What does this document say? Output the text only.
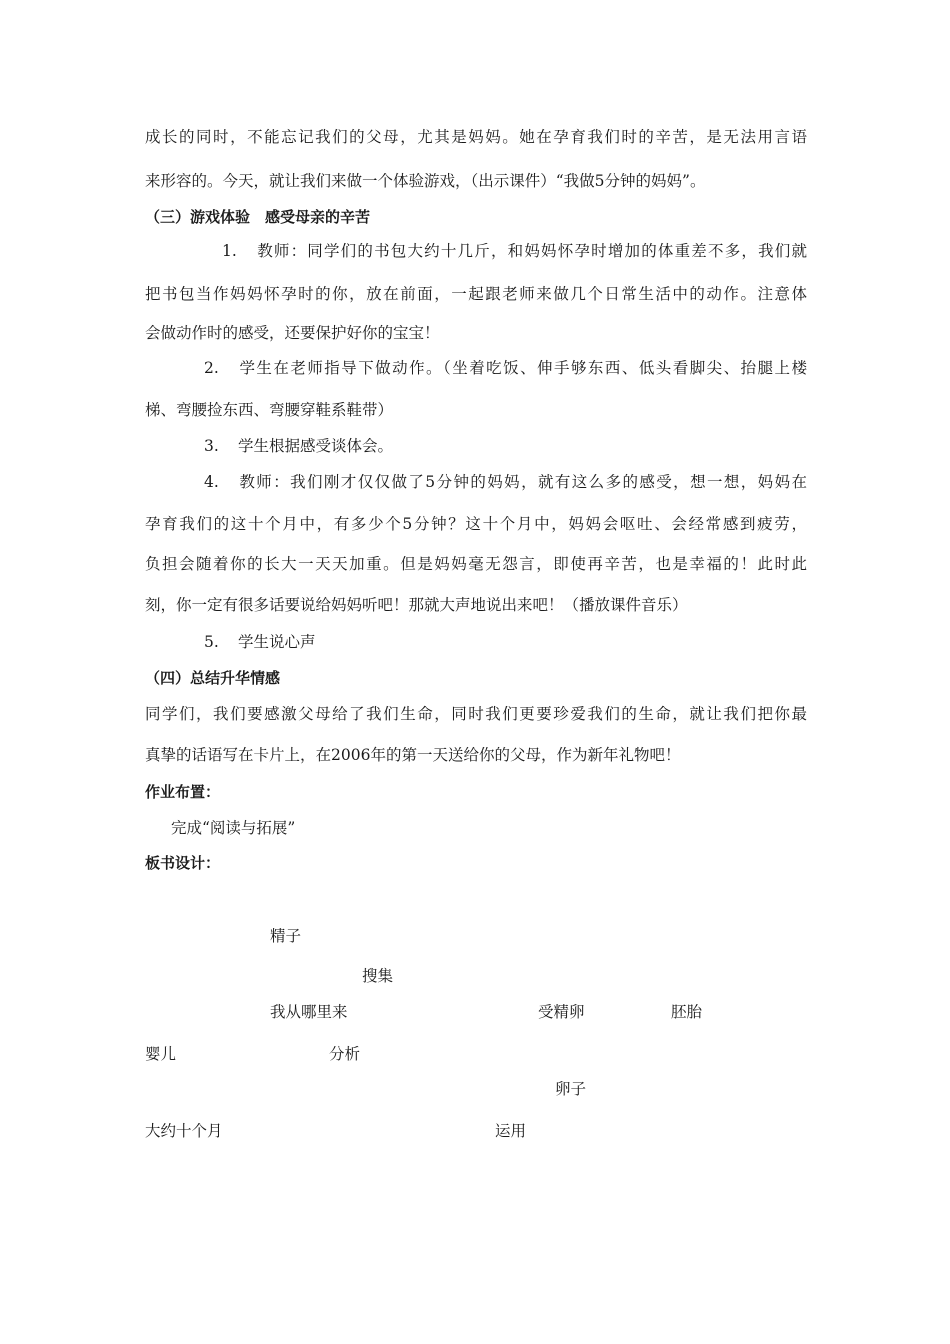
成长的同时，不能忘记我们的父母，尤其是妈妈。她在孕育我们时的辛苦，是无法用言语
来形容的。今天，就让我们来做一个体验游戏，（出示课件）“我做5分钟的妈妈”。
（三）游戏体验　感受母亲的辛苦
1. 教师：同学们的书包大约十几斤，和妈妈怀孕时增加的体重差不多，我们就
把书包当作妈妈怀孕时的你，放在前面，一起跟老师来做几个日常生活中的动作。注意体
会做动作时的感受，还要保护好你的宝宝！
2. 学生在老师指导下做动作。（坐着吃饭、伸手够东西、低头看脚尖、抬腿上楼
梯、弯腰捡东西、弯腰穿鞋系鞋带）
3. 学生根据感受谈体会。
4. 教师：我们刚才仅仅做了5分钟的妈妈，就有这么多的感受，想一想，妈妈在
孕育我们的这十个月中，有多少个5分钟？这十个月中，妈妈会呕吐、会经常感到疲劳，
负担会随着你的长大一天天加重。但是妈妈毫无怨言，即使再辛苦，也是幸福的！此时此
刻，你一定有很多话要说给妈妈听吧！那就大声地说出来吧！（播放课件音乐）
5. 学生说心声
（四）总结升华情感
同学们，我们要感激父母给了我们生命，同时我们更要珍爱我们的生命，就让我们把你最
真挚的话语写在卡片上，在2006年的第一天送给你的父母，作为新年礼物吧！
作业布置：
完成“阅读与拓展”
板书设计：
精子
搜集
我从哪里来	受精卵	胚胎
婴儿	分析
卵子
大约十个月	运用
